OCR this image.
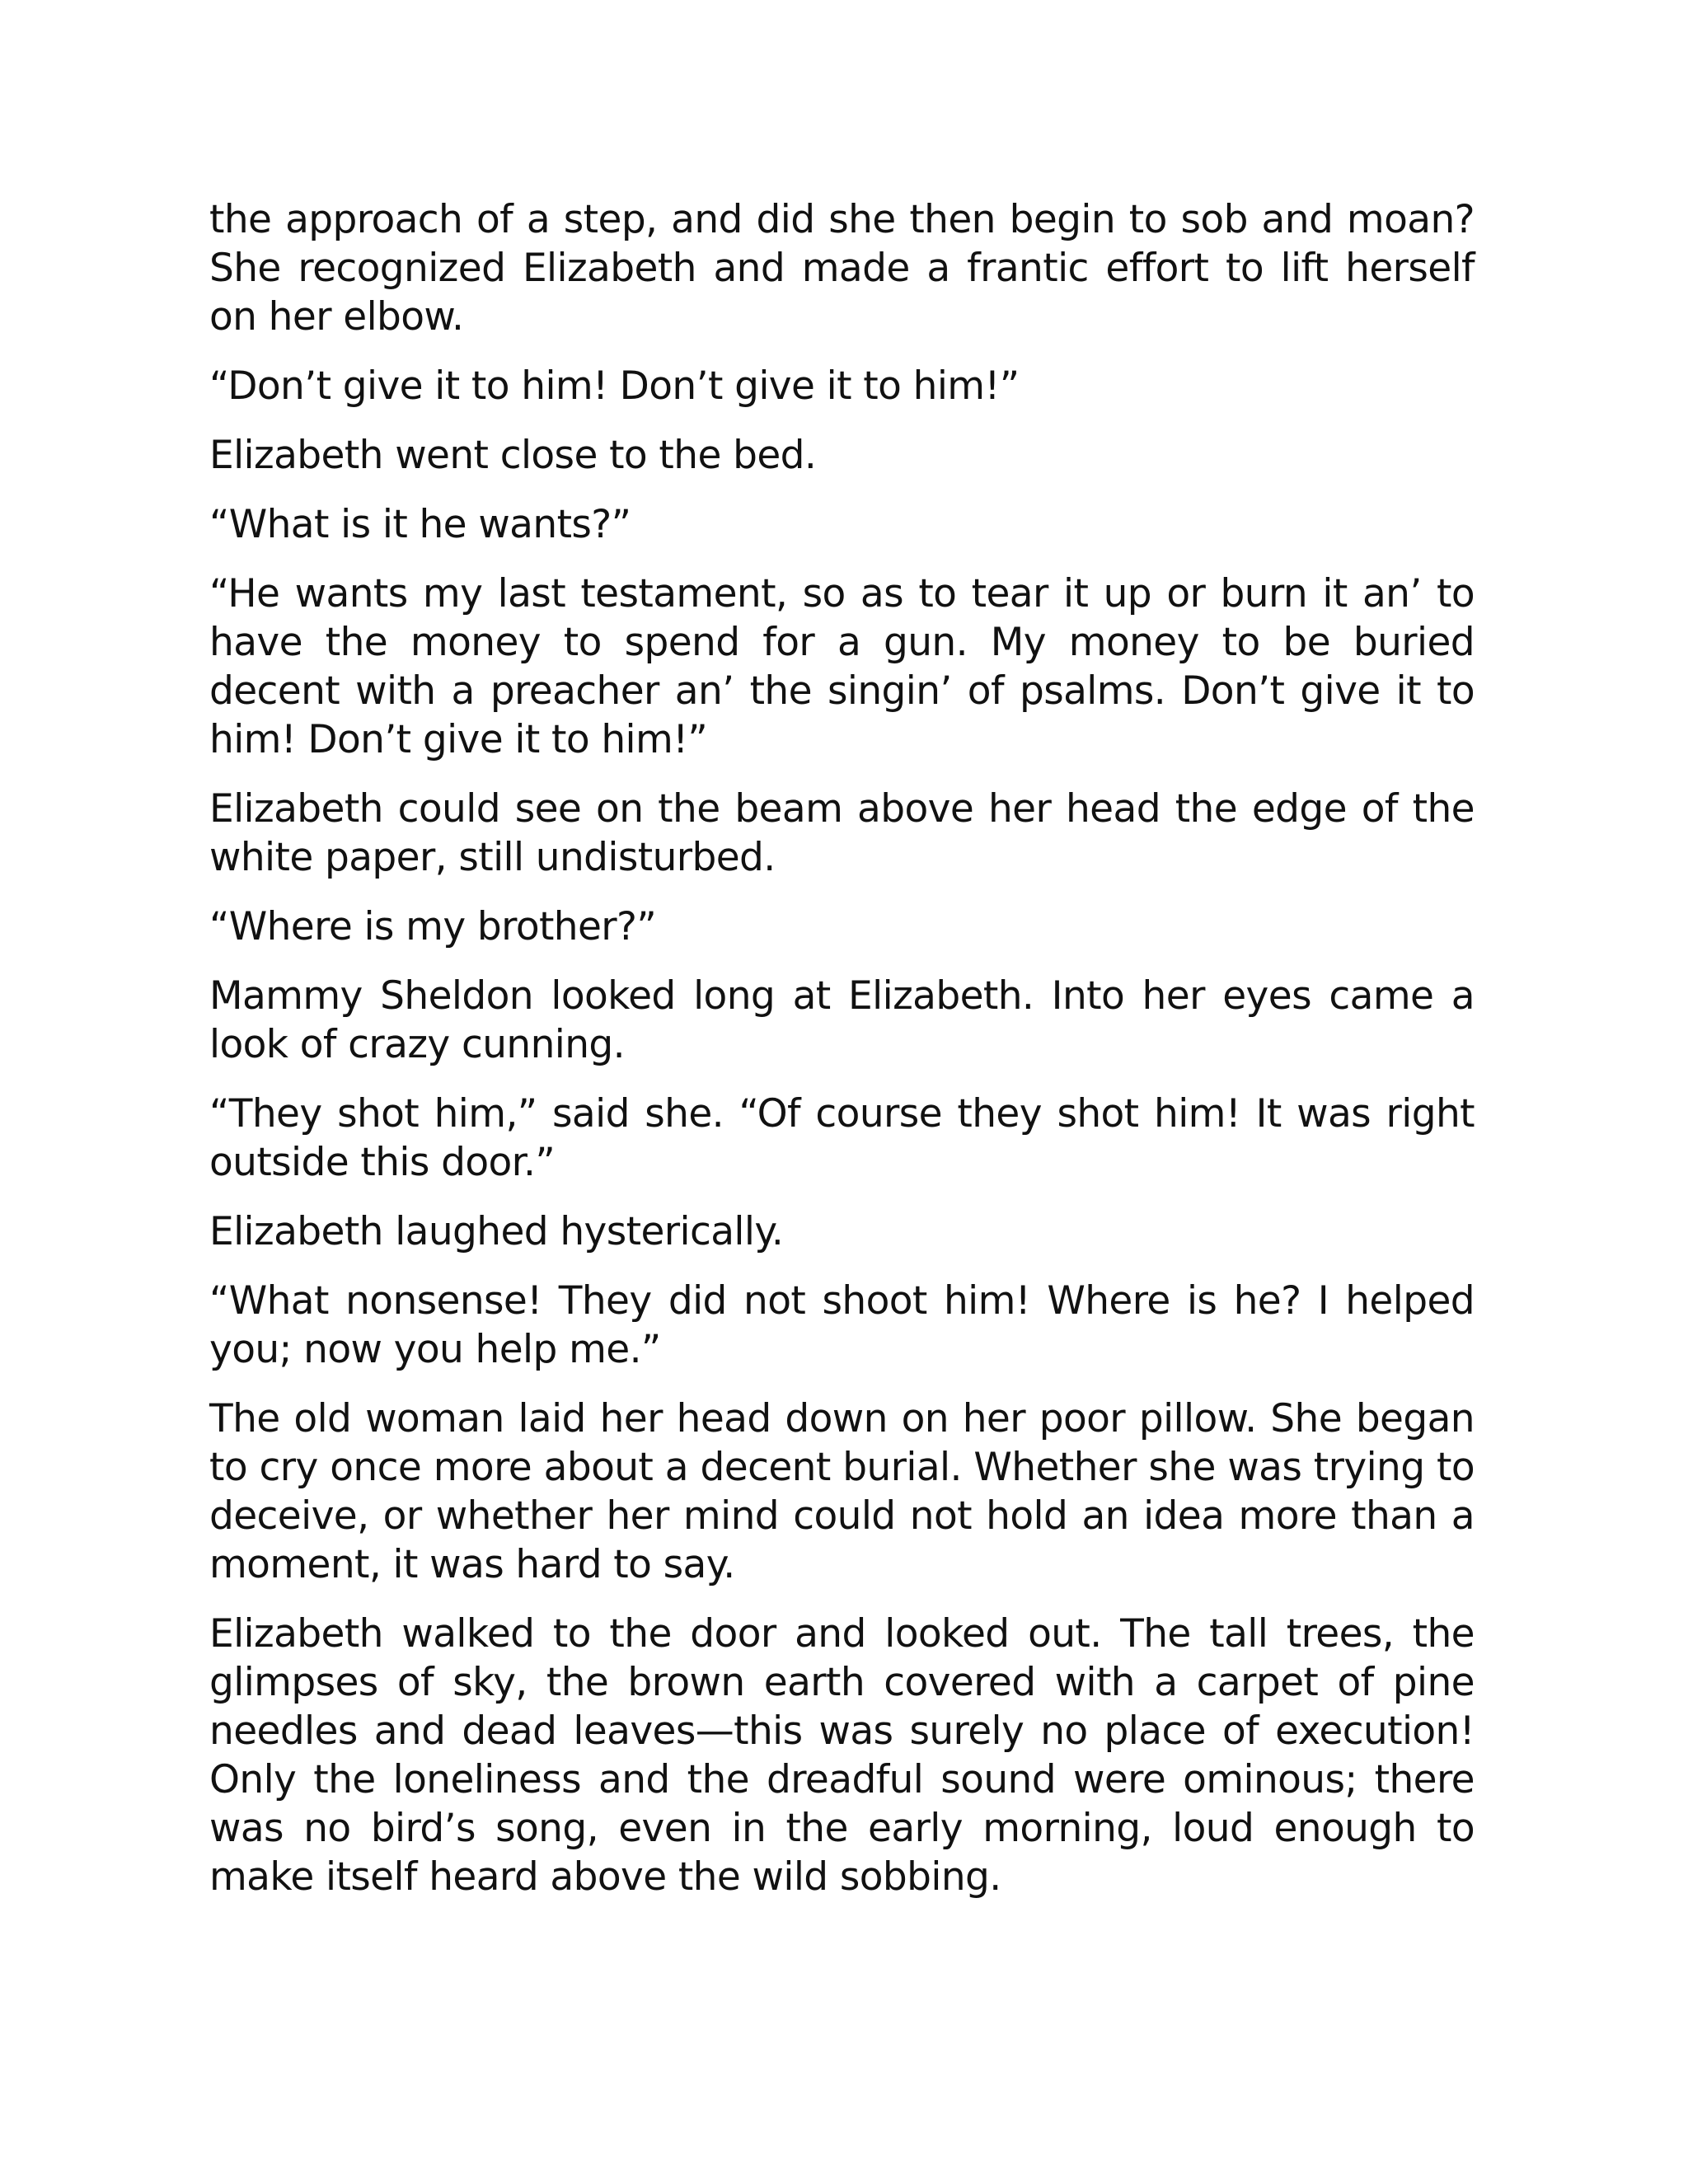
the approach of a step, and did she then begin to sob and moan? She recognized Elizabeth and made a frantic effort to lift herself on her elbow.

“Don’t give it to him! Don’t give it to him!”

Elizabeth went close to the bed.

“What is it he wants?”

“He wants my last testament, so as to tear it up or burn it an’ to have the money to spend for a gun. My money to be buried decent with a preacher an’ the singin’ of psalms. Don’t give it to him! Don’t give it to him!”

Elizabeth could see on the beam above her head the edge of the white paper, still undisturbed.

“Where is my brother?”

Mammy Sheldon looked long at Elizabeth. Into her eyes came a look of crazy cunning.

“They shot him,” said she. “Of course they shot him! It was right outside this door.”

Elizabeth laughed hysterically.

“What nonsense! They did not shoot him! Where is he? I helped you; now you help me.”

The old woman laid her head down on her poor pillow. She began to cry once more about a decent burial. Whether she was trying to deceive, or whether her mind could not hold an idea more than a moment, it was hard to say.

Elizabeth walked to the door and looked out. The tall trees, the glimpses of sky, the brown earth covered with a carpet of pine needles and dead leaves—this was surely no place of execution! Only the loneliness and the dreadful sound were ominous; there was no bird’s song, even in the early morning, loud enough to make itself heard above the wild sobbing.
